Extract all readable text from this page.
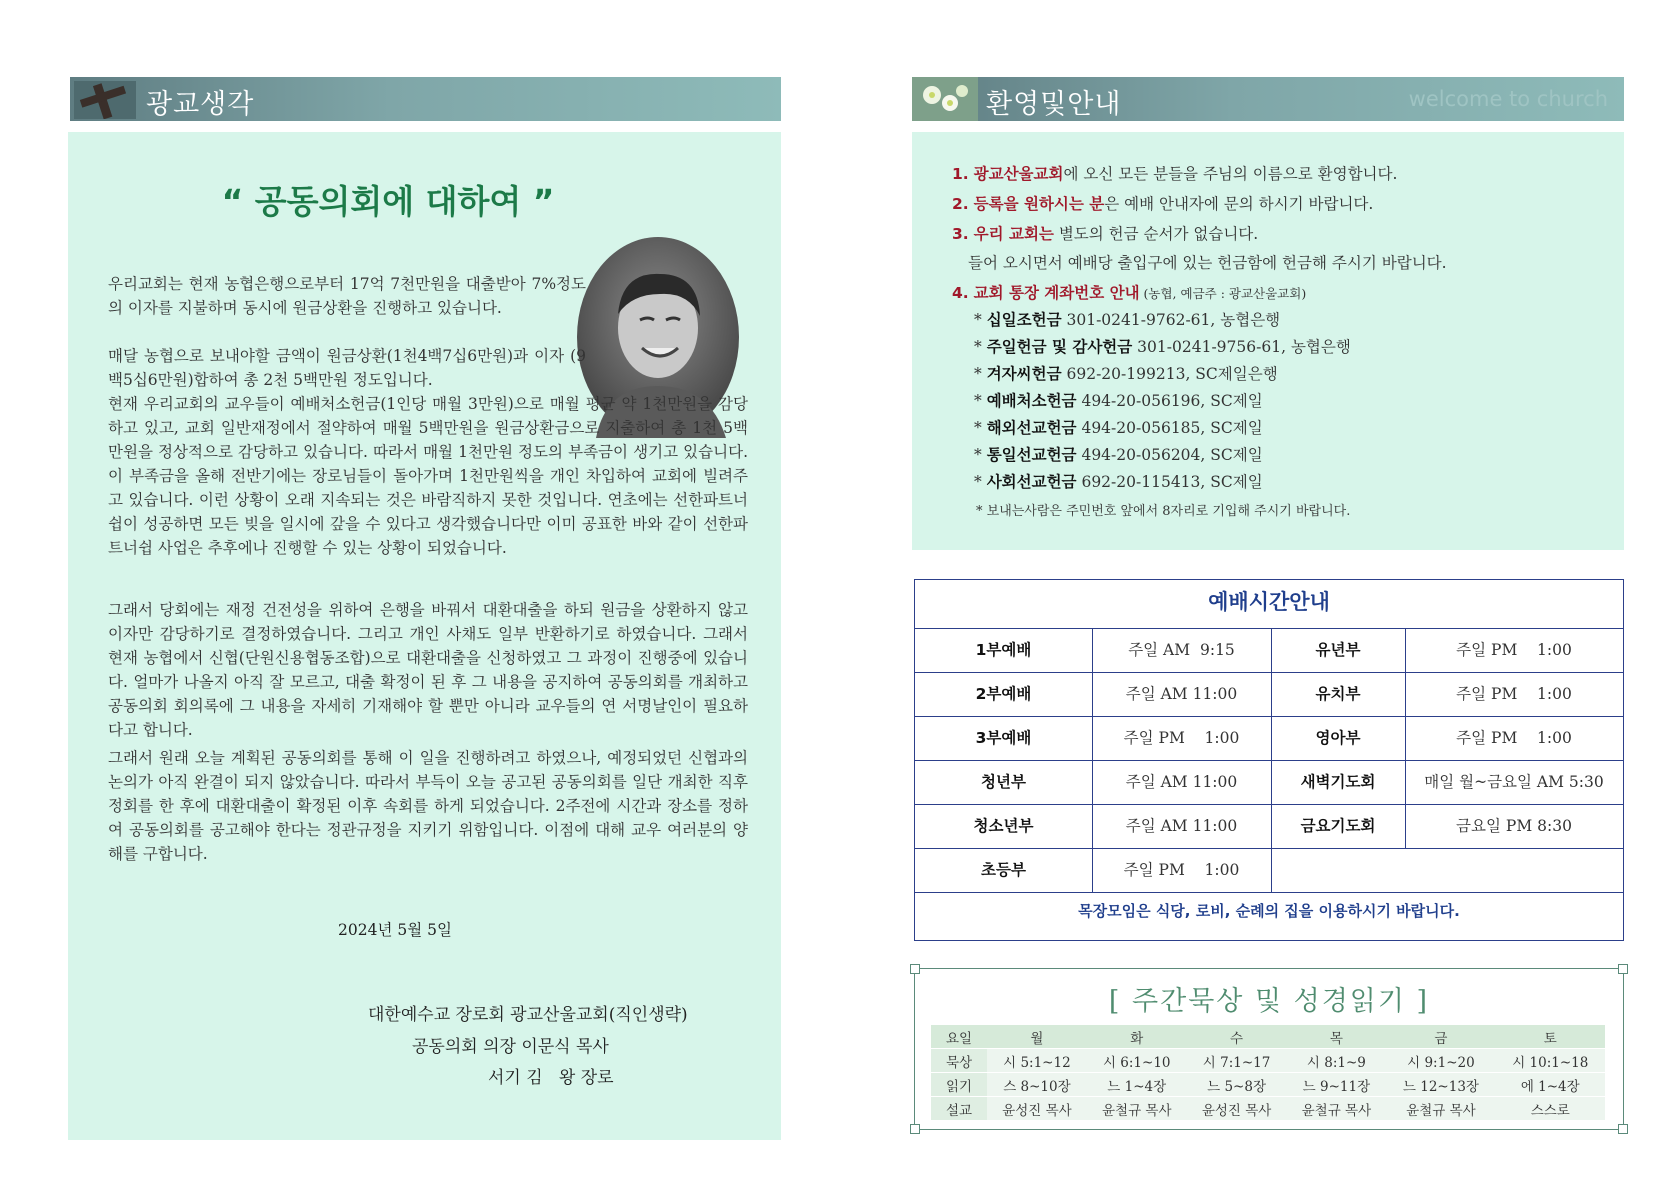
광교생각
“ 공동의회에 대하여 ”

우리교회는 현재 농협은행으로부터 17억 7천만원을 대출받아 7%정도의 이자를 지불하며 동시에 원금상환을 진행하고 있습니다.

매달 농협으로 보내야할 금액이 원금상환(1천4백7십6만원)과 이자 (9백5십6만원)합하여 총 2천 5백만원 정도입니다.

현재 우리교회의 교우들이 예배처소헌금(1인당 매월 3만원)으로 매월 평균 약 1천만원을 감당하고 있고, 교회 일반재정에서 절약하여 매월 5백만원을 원금상환금으로 지출하여 총 1천 5백만원을 정상적으로 감당하고 있습니다. 따라서 매월 1천만원 정도의 부족금이 생기고 있습니다. 이 부족금을 올해 전반기에는 장로님들이 돌아가며 1천만원씩을 개인 차입하여 교회에 빌려주고 있습니다. 이런 상황이 오래 지속되는 것은 바람직하지 못한 것입니다. 연초에는 선한파트너쉽이 성공하면 모든 빚을 일시에 갚을 수 있다고 생각했습니다만 이미 공표한 바와 같이 선한파트너쉽 사업은 추후에나 진행할 수 있는 상황이 되었습니다.

그래서 당회에는 재정 건전성을 위하여 은행을 바꿔서 대환대출을 하되 원금을 상환하지 않고 이자만 감당하기로 결정하였습니다. 그리고 개인 사채도 일부 반환하기로 하였습니다. 그래서 현재 농협에서 신협(단원신용협동조합)으로 대환대출을 신청하였고 그 과정이 진행중에 있습니다. 얼마가 나올지 아직 잘 모르고, 대출 확정이 된 후 그 내용을 공지하여 공동의회를 개최하고 공동의회 회의록에 그 내용을 자세히 기재해야 할 뿐만 아니라 교우들의 연 서명날인이 필요하다고 합니다.

그래서 원래 오늘 계획된 공동의회를 통해 이 일을 진행하려고 하였으나, 예정되었던 신협과의 논의가 아직 완결이 되지 않았습니다. 따라서 부득이 오늘 공고된 공동의회를 일단 개최한 직후 정회를 한 후에 대환대출이 확정된 이후 속회를 하게 되었습니다. 2주전에 시간과 장소를 정하여 공동의회를 공고해야 한다는 정관규정을 지키기 위함입니다. 이점에 대해 교우 여러분의 양해를 구합니다.

2024년 5월 5일
대한예수교 장로회 광교산울교회(직인생략)
공동의회 의장 이문식 목사
서기 김   왕 장로
환영및안내	welcome to church
1. 광교산울교회에 오신 모든 분들을 주님의 이름으로 환영합니다.
2. 등록을 원하시는 분은 예배 안내자에 문의 하시기 바랍니다.
3. 우리 교회는 별도의 헌금 순서가 없습니다.
들어 오시면서 예배당 출입구에 있는 헌금함에 헌금해 주시기 바랍니다.
4. 교회 통장 계좌번호 안내 (농협, 예금주 : 광교산울교회)
* 십일조헌금 301-0241-9762-61, 농협은행
* 주일헌금 및 감사헌금 301-0241-9756-61, 농협은행
* 겨자씨헌금 692-20-199213, SC제일은행
* 예배처소헌금 494-20-056196, SC제일
* 해외선교헌금 494-20-056185, SC제일
* 통일선교헌금 494-20-056204, SC제일
* 사회선교헌금 692-20-115413, SC제일
* 보내는사람은 주민번호 앞에서 8자리로 기입해 주시기 바랍니다.
예배시간안내
1부예배	주일 AM  9:15	유년부	주일 PM    1:00
2부예배	주일 AM 11:00	유치부	주일 PM    1:00
3부예배	주일 PM    1:00	영아부	주일 PM    1:00
청년부	주일 AM 11:00	새벽기도회	매일 월~금요일 AM 5:30
청소년부	주일 AM 11:00	금요기도회	금요일 PM 8:30
초등부	주일 PM    1:00
목장모임은 식당, 로비, 순례의 집을 이용하시기 바랍니다.
[ 주간묵상 및 성경읽기 ]
요일	월	화	수	목	금	토
묵상	시 5:1~12	시 6:1~10	시 7:1~17	시 8:1~9	시 9:1~20	시 10:1~18
읽기	스 8~10장	느 1~4장	느 5~8장	느 9~11장	느 12~13장	에 1~4장
설교	윤성진 목사	윤철규 목사	윤성진 목사	윤철규 목사	윤철규 목사	스스로
